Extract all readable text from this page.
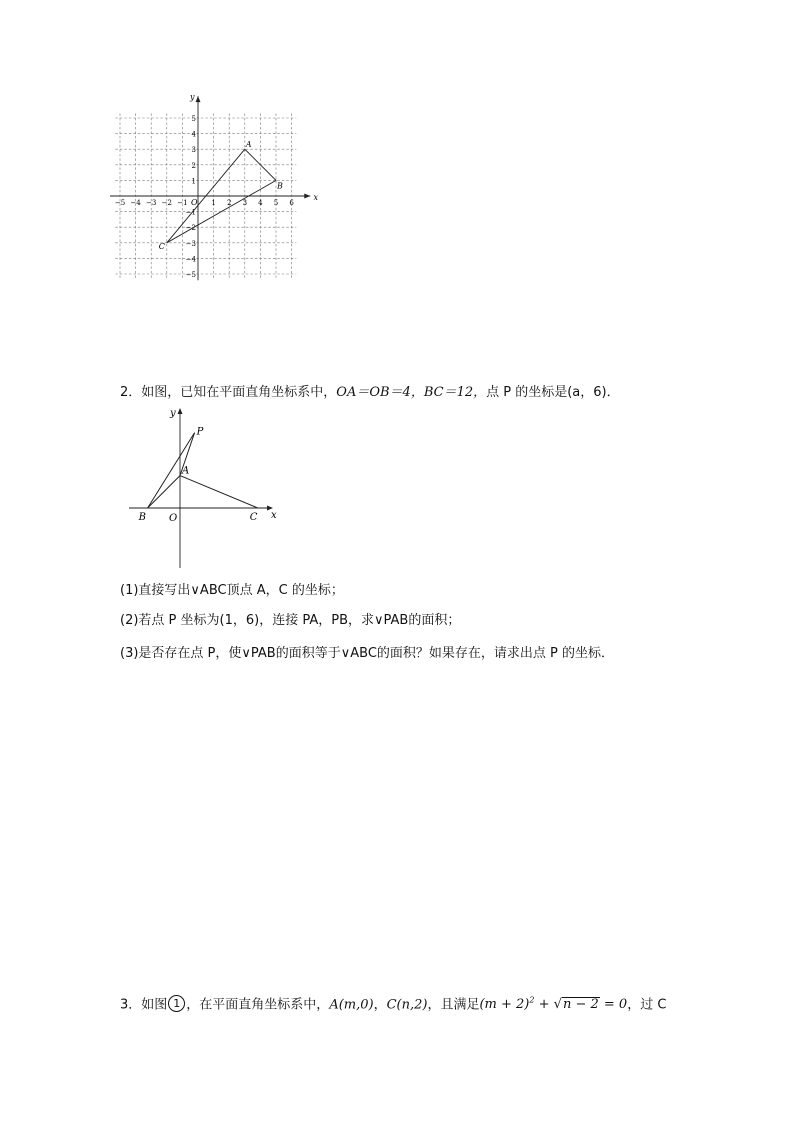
x
y
O
−5 −4 −3 −2 −1	1 2 3 4 5 6
5
4
3
2
1
−1
−2
−3
−4
−5
A
B
C
2．如图，已知在平面直角坐标系中，OA＝OB＝4，BC＝12，点 P 的坐标是(a，6)．
x
y
P
A
B O	C
(1)直接写出∨ABC顶点 A，C 的坐标；
(2)若点 P 坐标为(1，6)，连接 PA，PB，求∨PAB的面积；
(3)是否存在点 P，使∨PAB的面积等于∨ABC的面积？如果存在，请求出点 P 的坐标．
3．如图 1 ，在平面直角坐标系中，A(m,0)，C(n,2)，且满足$(m + 2)^2 + √n - 2 = 0$，过 C
